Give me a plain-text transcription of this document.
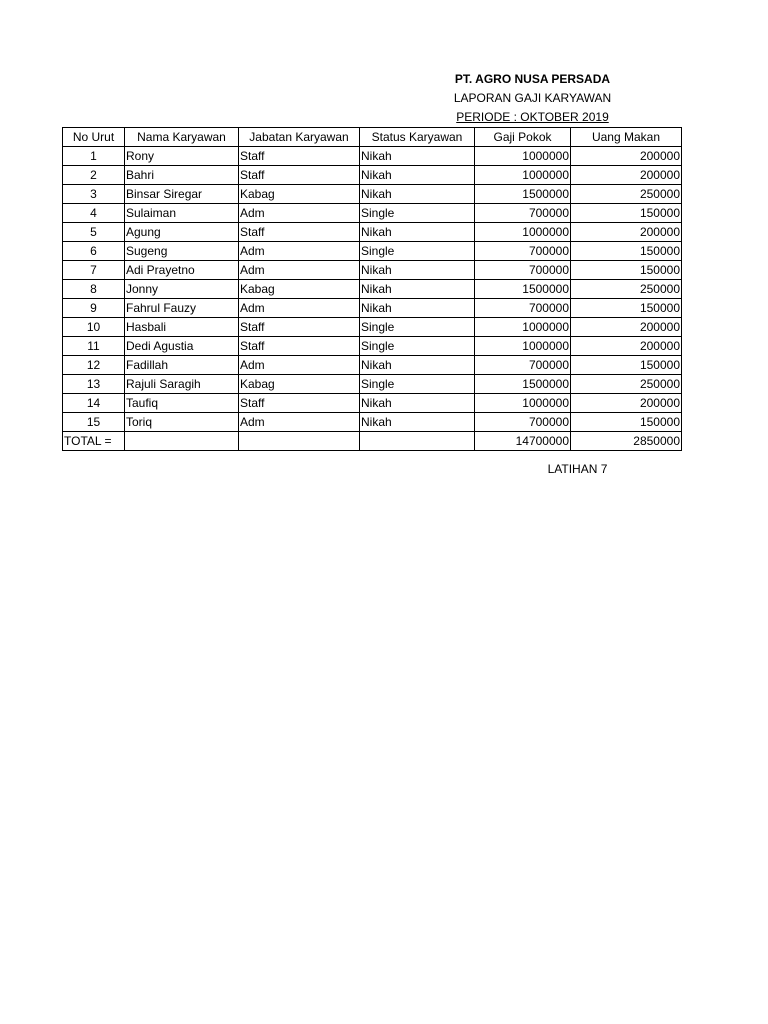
PT. AGRO NUSA PERSADA
LAPORAN GAJI KARYAWAN
PERIODE : OKTOBER 2019
No Urut	Nama Karyawan	Jabatan Karyawan	Status Karyawan	Gaji Pokok	Uang Makan
1	Rony	Staff	Nikah	1000000	200000
2	Bahri	Staff	Nikah	1000000	200000
3	Binsar Siregar	Kabag	Nikah	1500000	250000
4	Sulaiman	Adm	Single	700000	150000
5	Agung	Staff	Nikah	1000000	200000
6	Sugeng	Adm	Single	700000	150000
7	Adi Prayetno	Adm	Nikah	700000	150000
8	Jonny	Kabag	Nikah	1500000	250000
9	Fahrul Fauzy	Adm	Nikah	700000	150000
10	Hasbali	Staff	Single	1000000	200000
11	Dedi Agustia	Staff	Single	1000000	200000
12	Fadillah	Adm	Nikah	700000	150000
13	Rajuli Saragih	Kabag	Single	1500000	250000
14	Taufiq	Staff	Nikah	1000000	200000
15	Toriq	Adm	Nikah	700000	150000
TOTAL =				14700000	2850000
LATIHAN 7
